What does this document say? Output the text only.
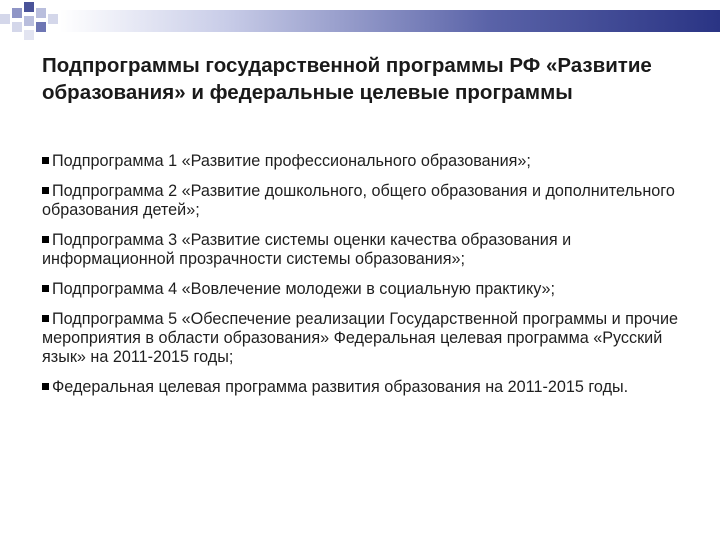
Подпрограммы государственной программы РФ «Развитие образования» и федеральные целевые программы
Подпрограмма 1 «Развитие профессионального образования»;
Подпрограмма 2 «Развитие дошкольного, общего образования и дополнительного образования детей»;
Подпрограмма 3 «Развитие системы оценки качества образования и информационной прозрачности системы образования»;
Подпрограмма 4 «Вовлечение молодежи в социальную практику»;
Подпрограмма 5 «Обеспечение реализации Государственной программы и прочие мероприятия в области образования» Федеральная целевая программа «Русский язык» на 2011-2015 годы;
Федеральная целевая программа развития образования на 2011-2015 годы.
